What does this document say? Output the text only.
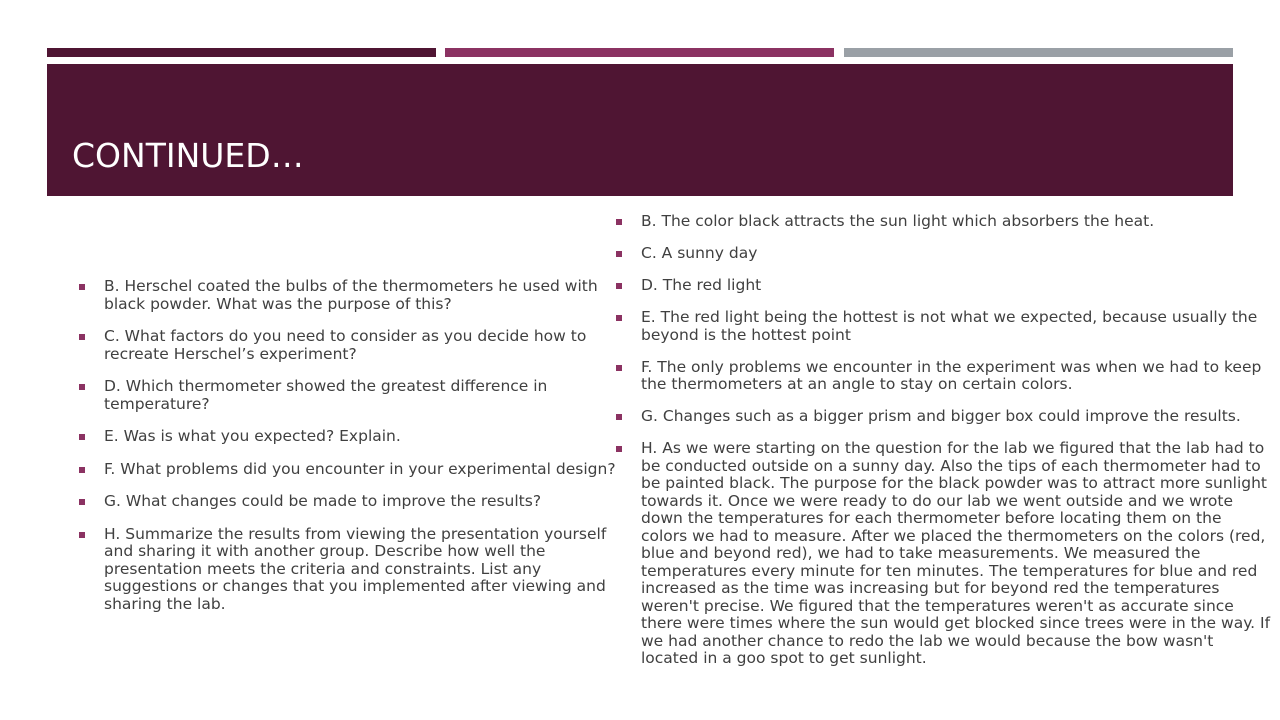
CONTINUED…
B. Herschel coated the bulbs of the thermometers he used with black powder. What was the purpose of this?
C. What factors do you need to consider as you decide how to recreate Herschel’s experiment?
D. Which thermometer showed the greatest difference in temperature?
E. Was is what you expected? Explain.
F. What problems did you encounter in your experimental design?
G. What changes could be made to improve the results?
H. Summarize the results from viewing the presentation yourself and sharing it with another group. Describe how well the presentation meets the criteria and constraints. List any suggestions or changes that you implemented after viewing and sharing the lab.
B. The color black attracts the sun light which absorbers the heat.
C. A sunny day
D. The red light
E. The red light being the hottest is not what we expected, because usually the beyond is the hottest point
F. The only problems we encounter in the experiment was when we had to keep the thermometers at an angle to stay on certain colors.
G. Changes such as a bigger prism and bigger box could improve the results.
H. As we were starting on the question for the lab we figured that the lab had to be conducted outside on a sunny day. Also the tips of each thermometer had to be painted black. The purpose for the black powder was to attract more sunlight towards it. Once we were ready to do our lab we went outside and we wrote down the temperatures for each thermometer before locating them on the colors we had to measure. After we placed the thermometers on the colors (red, blue and beyond red), we had to take measurements. We measured the temperatures every minute for ten minutes. The temperatures for blue and red increased as the time was increasing but for beyond red the temperatures weren't precise. We figured that the temperatures weren't as accurate since there were times where the sun would get blocked since trees were in the way. If we had another chance to redo the lab we would because the bow wasn't located in a goo spot to get sunlight.
